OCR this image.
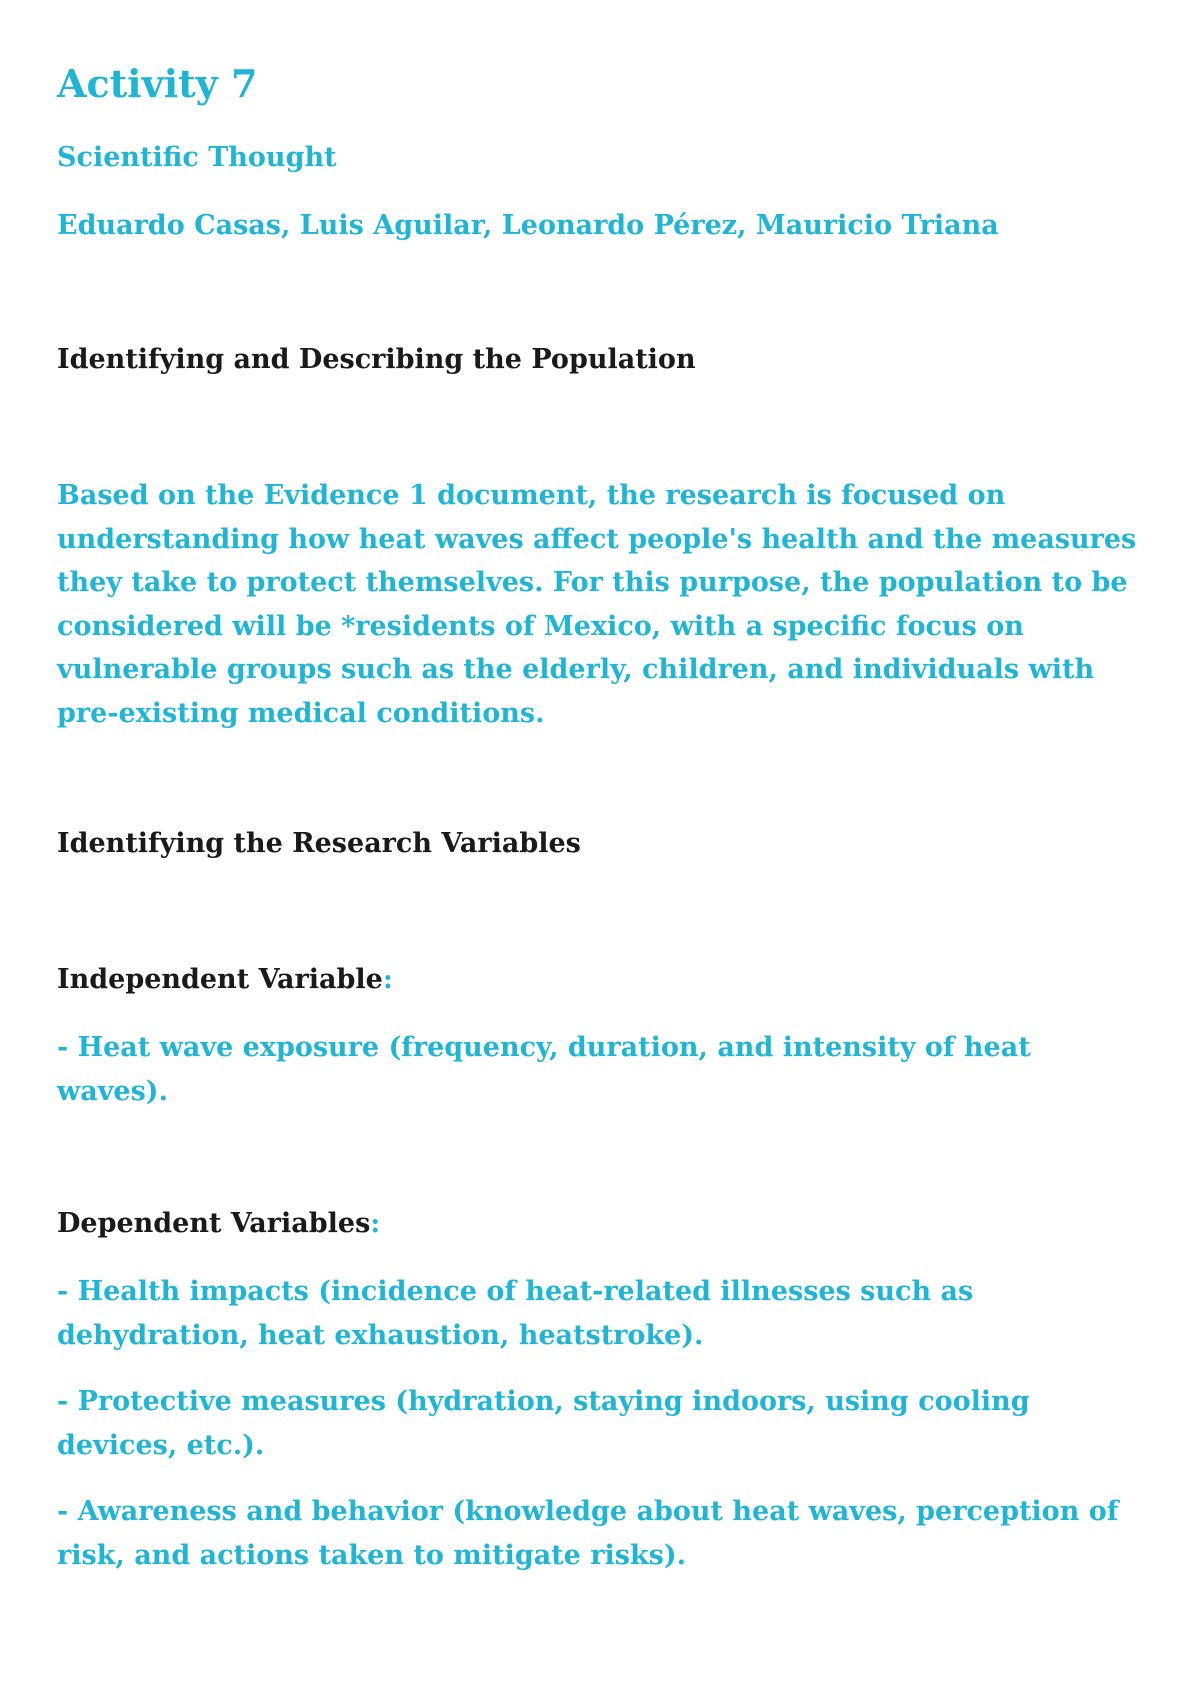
Activity 7

Scientific Thought

Eduardo Casas, Luis Aguilar, Leonardo Pérez, Mauricio Triana

Identifying and Describing the Population
Based on the Evidence 1 document, the research is focused on
understanding how heat waves affect people's health and the measures
they take to protect themselves. For this purpose, the population to be
considered will be *residents of Mexico, with a specific focus on
vulnerable groups such as the elderly, children, and individuals with
pre-existing medical conditions.
Identifying the Research Variables
Independent Variable:
- Heat wave exposure (frequency, duration, and intensity of heat
waves).
Dependent Variables:
- Health impacts (incidence of heat-related illnesses such as
dehydration, heat exhaustion, heatstroke).
- Protective measures (hydration, staying indoors, using cooling
devices, etc.).
- Awareness and behavior (knowledge about heat waves, perception of
risk, and actions taken to mitigate risks).
